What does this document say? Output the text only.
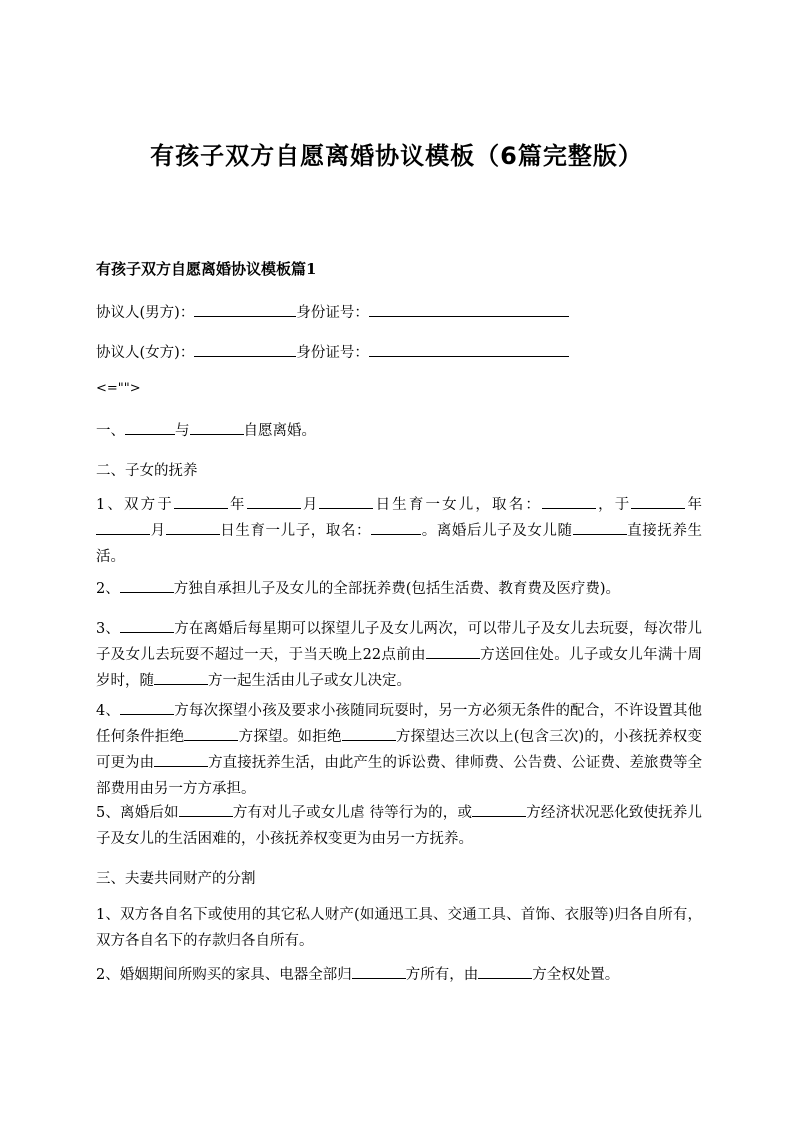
有孩子双方自愿离婚协议模板（6篇完整版）
有孩子双方自愿离婚协议模板篇1

协议人(男方)：	身份证号：

协议人(女方)：	身份证号：

<="">

一、	与	自愿离婚。

二、子女的抚养

1、双方于	年	月	日生育一女儿，取名：	，于	年月	日生育一儿子，取名：	。离婚后儿子及女儿随	直接抚养生活。

2、	方独自承担儿子及女儿的全部抚养费(包括生活费、教育费及医疗费)。

3、	方在离婚后每星期可以探望儿子及女儿两次，可以带儿子及女儿去玩耍，每次带儿子及女儿去玩耍不超过一天，于当天晚上22点前由	方送回住处。儿子或女儿年满十周岁时，随	方一起生活由儿子或女儿决定。

4、	方每次探望小孩及要求小孩随同玩耍时，另一方必须无条件的配合，不许设置其他任何条件拒绝	方探望。如拒绝	方探望达三次以上(包含三次)的，小孩抚养权变可更为由	方直接抚养生活，由此产生的诉讼费、律师费、公告费、公证费、差旅费等全部费用由另一方方承担。

5、离婚后如	方有对儿子或女儿虐 待等行为的，或	方经济状况恶化致使抚养儿子及女儿的生活困难的，小孩抚养权变更为由另一方抚养。

三、夫妻共同财产的分割

1、双方各自名下或使用的其它私人财产(如通迅工具、交通工具、首饰、衣服等)归各自所有，双方各自名下的存款归各自所有。

2、婚姻期间所购买的家具、电器全部归	方所有，由	方全权处置。
